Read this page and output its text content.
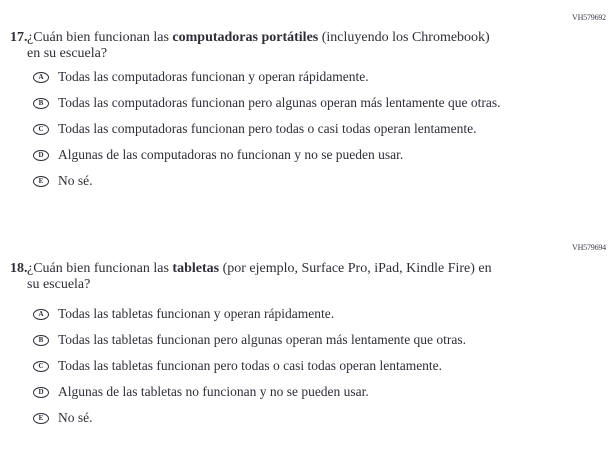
VH579692
17. ¿Cuán bien funcionan las computadoras portátiles (incluyendo los Chromebook)
en su escuela?
A	Todas las computadoras funcionan y operan rápidamente.
B	Todas las computadoras funcionan pero algunas operan más lentamente que otras.
C	Todas las computadoras funcionan pero todas o casi todas operan lentamente.
D	Algunas de las computadoras no funcionan y no se pueden usar.
E	No sé.
VH579694
18. ¿Cuán bien funcionan las tabletas (por ejemplo, Surface Pro, iPad, Kindle Fire) en
su escuela?
A	Todas las tabletas funcionan y operan rápidamente.
B	Todas las tabletas funcionan pero algunas operan más lentamente que otras.
C	Todas las tabletas funcionan pero todas o casi todas operan lentamente.
D	Algunas de las tabletas no funcionan y no se pueden usar.
E	No sé.
